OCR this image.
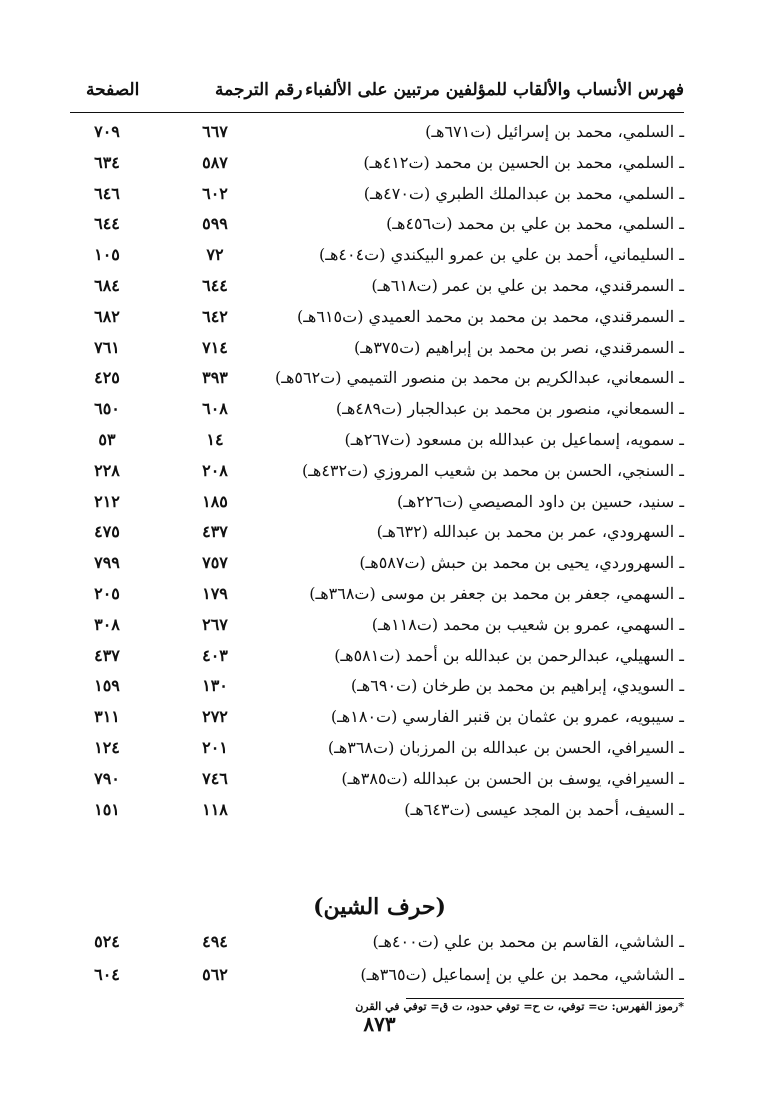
فهرس الأنساب والألقاب للمؤلفين مرتبين على الألفباء
رقم الترجمة
الصفحة
ـ السلمي، محمد بن إسرائيل (ت٦٧١هـ)
٦٦٧
٧٠٩
ـ السلمي، محمد بن الحسين بن محمد (ت٤١٢هـ)
٥٨٧
٦٣٤
ـ السلمي، محمد بن عبدالملك الطبري (ت٤٧٠هـ)
٦٠٢
٦٤٦
ـ السلمي، محمد بن علي بن محمد (ت٤٥٦هـ)
٥٩٩
٦٤٤
ـ السليماني، أحمد بن علي بن عمرو البيكندي (ت٤٠٤هـ)
٧٢
١٠٥
ـ السمرقندي، محمد بن علي بن عمر (ت٦١٨هـ)
٦٤٤
٦٨٤
ـ السمرقندي، محمد بن محمد بن محمد العميدي (ت٦١٥هـ)
٦٤٢
٦٨٢
ـ السمرقندي، نصر بن محمد بن إبراهيم (ت٣٧٥هـ)
٧١٤
٧٦١
ـ السمعاني، عبدالكريم بن محمد بن منصور التميمي (ت٥٦٢هـ)
٣٩٣
٤٢٥
ـ السمعاني، منصور بن محمد بن عبدالجبار (ت٤٨٩هـ)
٦٠٨
٦٥٠
ـ سمويه، إسماعيل بن عبدالله بن مسعود (ت٢٦٧هـ)
١٤
٥٣
ـ السنجي، الحسن بن محمد بن شعيب المروزي (ت٤٣٢هـ)
٢٠٨
٢٢٨
ـ سنيد، حسين بن داود المصيصي (ت٢٢٦هـ)
١٨٥
٢١٢
ـ السهرودي، عمر بن محمد بن عبدالله (٦٣٢هـ)
٤٣٧
٤٧٥
ـ السهروردي، يحيى بن محمد بن حبش (ت٥٨٧هـ)
٧٥٧
٧٩٩
ـ السهمي، جعفر بن محمد بن جعفر بن موسى (ت٣٦٨هـ)
١٧٩
٢٠٥
ـ السهمي، عمرو بن شعيب بن محمد (ت١١٨هـ)
٢٦٧
٣٠٨
ـ السهيلي، عبدالرحمن بن عبدالله بن أحمد (ت٥٨١هـ)
٤٠٣
٤٣٧
ـ السويدي، إبراهيم بن محمد بن طرخان (ت٦٩٠هـ)
١٣٠
١٥٩
ـ سيبويه، عمرو بن عثمان بن قنبر الفارسي (ت١٨٠هـ)
٢٧٢
٣١١
ـ السيرافي، الحسن بن عبدالله بن المرزبان (ت٣٦٨هـ)
٢٠١
١٢٤
ـ السيرافي، يوسف بن الحسن بن عبدالله (ت٣٨٥هـ)
٧٤٦
٧٩٠
ـ السيف، أحمد بن المجد عيسى (ت٦٤٣هـ)
١١٨
١٥١
(حرف الشين)
ـ الشاشي، القاسم بن محمد بن علي (ت٤٠٠هـ)
٤٩٤
٥٢٤
ـ الشاشي، محمد بن علي بن إسماعيل (ت٣٦٥هـ)
٥٦٢
٦٠٤
*رموز الفهرس: ت= توفي، ت ح= توفي حدود، ت ق= توفي في القرن
٨٧٣
